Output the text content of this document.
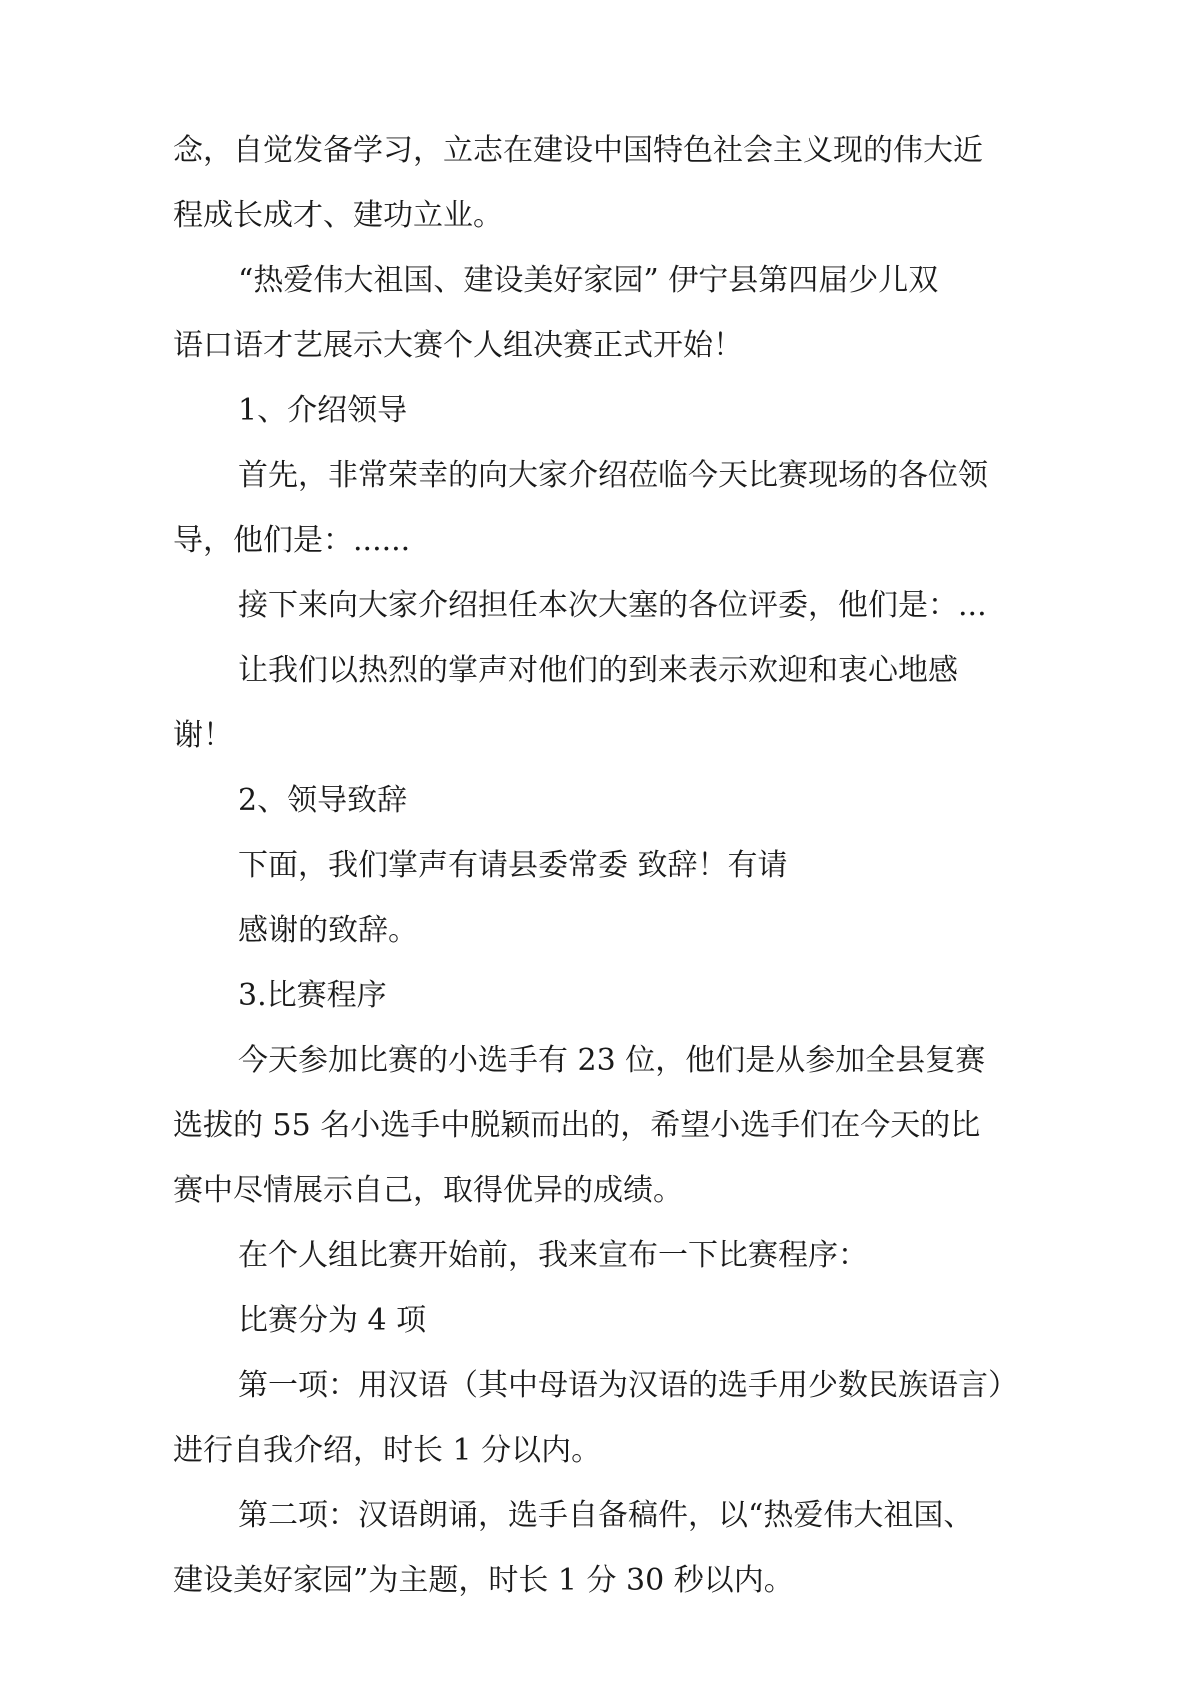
念，自觉发备学习，立志在建设中国特色社会主义现的伟大近
程成长成才、建功立业。
“热爱伟大祖国、建设美好家园” 伊宁县第四届少儿双
语口语才艺展示大赛个人组决赛正式开始！
1、介绍领导
首先，非常荣幸的向大家介绍莅临今天比赛现场的各位领
导，他们是：......
接下来向大家介绍担任本次大塞的各位评委，他们是：...
让我们以热烈的掌声对他们的到来表示欢迎和衷心地感
谢！
2、领导致辞
下面，我们掌声有请县委常委 致辞！有请
感谢的致辞。
3.比赛程序
今天参加比赛的小选手有 23 位，他们是从参加全县复赛
选拔的 55 名小选手中脱颖而出的，希望小选手们在今天的比
赛中尽情展示自己，取得优异的成绩。
在个人组比赛开始前，我来宣布一下比赛程序：
比赛分为 4 项
第一项：用汉语（其中母语为汉语的选手用少数民族语言）
进行自我介绍，时长 1 分以内。
第二项：汉语朗诵，选手自备稿件，以“热爱伟大祖国、
建设美好家园”为主题，时长 1 分 30 秒以内。
